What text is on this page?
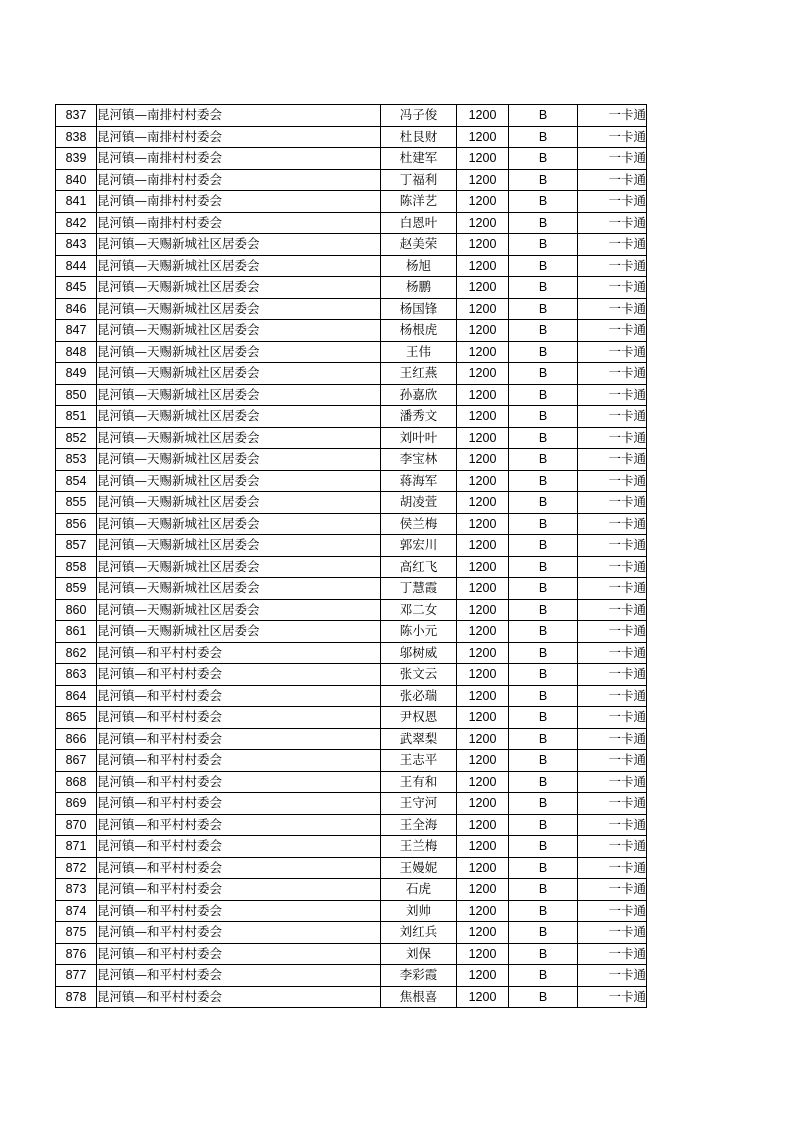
837	昆河镇—南排村村委会	冯子俊	1200	B	一卡通
838	昆河镇—南排村村委会	杜艮财	1200	B	一卡通
839	昆河镇—南排村村委会	杜建军	1200	B	一卡通
840	昆河镇—南排村村委会	丁福利	1200	B	一卡通
841	昆河镇—南排村村委会	陈洋艺	1200	B	一卡通
842	昆河镇—南排村村委会	白恩叶	1200	B	一卡通
843	昆河镇—天赐新城社区居委会	赵美荣	1200	B	一卡通
844	昆河镇—天赐新城社区居委会	杨旭	1200	B	一卡通
845	昆河镇—天赐新城社区居委会	杨鹏	1200	B	一卡通
846	昆河镇—天赐新城社区居委会	杨国锋	1200	B	一卡通
847	昆河镇—天赐新城社区居委会	杨根虎	1200	B	一卡通
848	昆河镇—天赐新城社区居委会	王伟	1200	B	一卡通
849	昆河镇—天赐新城社区居委会	王红燕	1200	B	一卡通
850	昆河镇—天赐新城社区居委会	孙嘉欣	1200	B	一卡通
851	昆河镇—天赐新城社区居委会	潘秀文	1200	B	一卡通
852	昆河镇—天赐新城社区居委会	刘叶叶	1200	B	一卡通
853	昆河镇—天赐新城社区居委会	李宝林	1200	B	一卡通
854	昆河镇—天赐新城社区居委会	蒋海军	1200	B	一卡通
855	昆河镇—天赐新城社区居委会	胡凌萱	1200	B	一卡通
856	昆河镇—天赐新城社区居委会	侯兰梅	1200	B	一卡通
857	昆河镇—天赐新城社区居委会	郭宏川	1200	B	一卡通
858	昆河镇—天赐新城社区居委会	高红飞	1200	B	一卡通
859	昆河镇—天赐新城社区居委会	丁慧霞	1200	B	一卡通
860	昆河镇—天赐新城社区居委会	邓二女	1200	B	一卡通
861	昆河镇—天赐新城社区居委会	陈小元	1200	B	一卡通
862	昆河镇—和平村村委会	邬树威	1200	B	一卡通
863	昆河镇—和平村村委会	张文云	1200	B	一卡通
864	昆河镇—和平村村委会	张必瑞	1200	B	一卡通
865	昆河镇—和平村村委会	尹权恩	1200	B	一卡通
866	昆河镇—和平村村委会	武翠梨	1200	B	一卡通
867	昆河镇—和平村村委会	王志平	1200	B	一卡通
868	昆河镇—和平村村委会	王有和	1200	B	一卡通
869	昆河镇—和平村村委会	王守河	1200	B	一卡通
870	昆河镇—和平村村委会	王全海	1200	B	一卡通
871	昆河镇—和平村村委会	王兰梅	1200	B	一卡通
872	昆河镇—和平村村委会	王嫚妮	1200	B	一卡通
873	昆河镇—和平村村委会	石虎	1200	B	一卡通
874	昆河镇—和平村村委会	刘帅	1200	B	一卡通
875	昆河镇—和平村村委会	刘红兵	1200	B	一卡通
876	昆河镇—和平村村委会	刘保	1200	B	一卡通
877	昆河镇—和平村村委会	李彩霞	1200	B	一卡通
878	昆河镇—和平村村委会	焦根喜	1200	B	一卡通
